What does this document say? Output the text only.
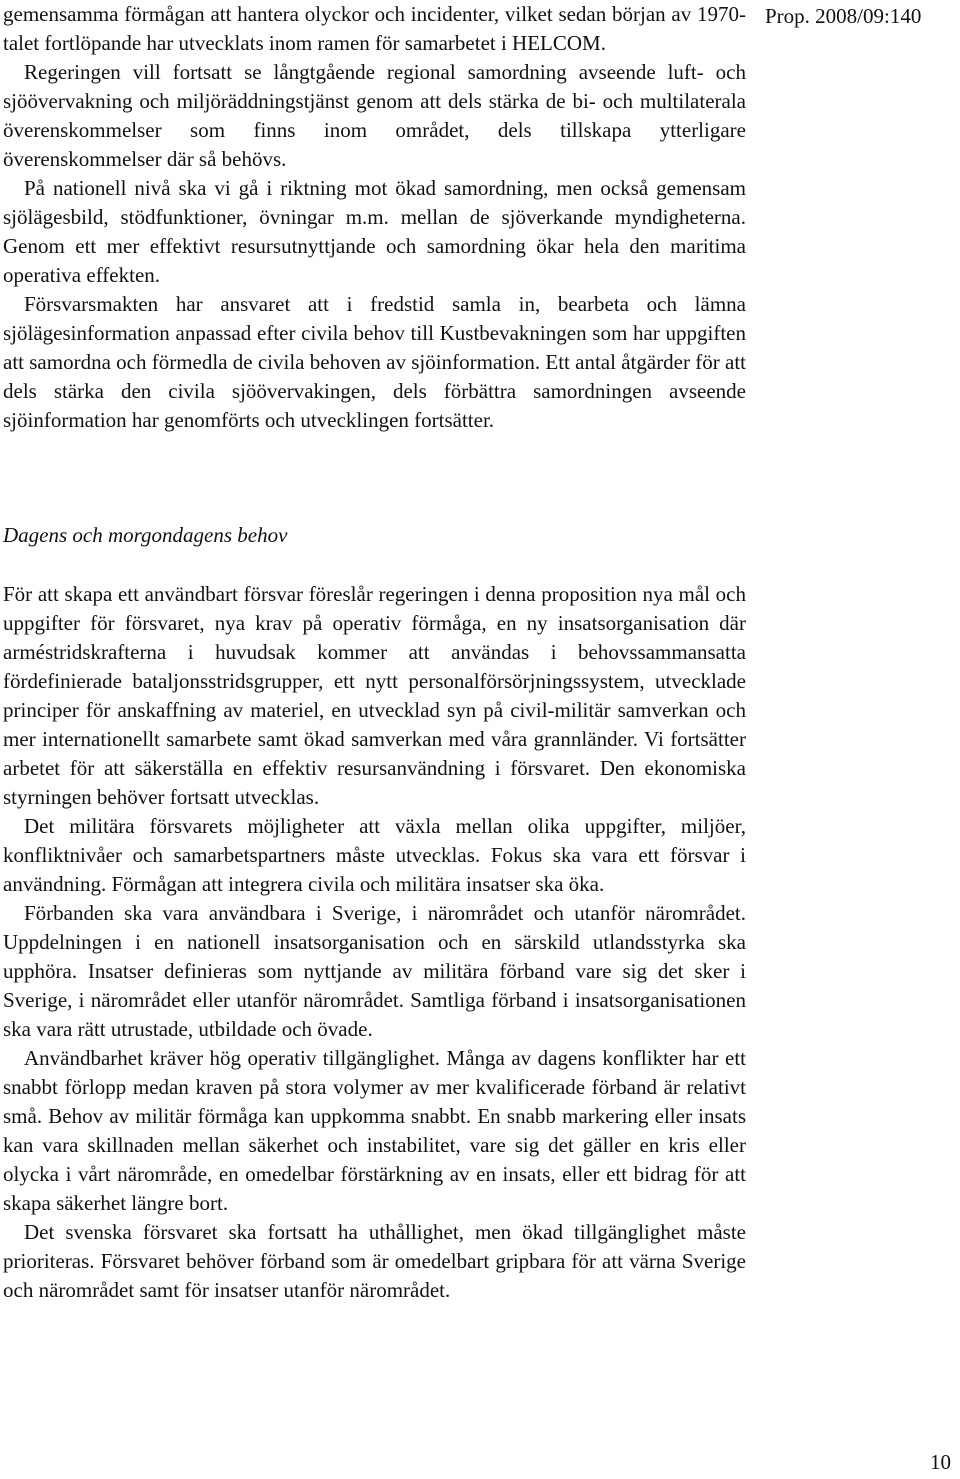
Prop. 2008/09:140

gemensamma förmågan att hantera olyckor och incidenter, vilket sedan början av 1970-talet fortlöpande har utvecklats inom ramen för samarbetet i HELCOM.

Regeringen vill fortsatt se långtgående regional samordning avseende luft- och sjöövervakning och miljöräddningstjänst genom att dels stärka de bi- och multilaterala överenskommelser som finns inom området, dels tillskapa ytterligare överenskommelser där så behövs.

På nationell nivå ska vi gå i riktning mot ökad samordning, men också gemensam sjölägesbild, stödfunktioner, övningar m.m. mellan de sjöverkande myndigheterna. Genom ett mer effektivt resursutnyttjande och samordning ökar hela den maritima operativa effekten.

Försvarsmakten har ansvaret att i fredstid samla in, bearbeta och lämna sjölägesinformation anpassad efter civila behov till Kustbevakningen som har uppgiften att samordna och förmedla de civila behoven av sjöinformation. Ett antal åtgärder för att dels stärka den civila sjöövervakingen, dels förbättra samordningen avseende sjöinformation har genomförts och utvecklingen fortsätter.

Dagens och morgondagens behov

För att skapa ett användbart försvar föreslår regeringen i denna proposition nya mål och uppgifter för försvaret, nya krav på operativ förmåga, en ny insatsorganisation där arméstridskrafterna i huvudsak kommer att användas i behovssammansatta fördefinierade bataljonsstridsgrupper, ett nytt personalförsörjningssystem, utvecklade principer för anskaffning av materiel, en utvecklad syn på civil-militär samverkan och mer internationellt samarbete samt ökad samverkan med våra grannländer. Vi fortsätter arbetet för att säkerställa en effektiv resursanvändning i försvaret. Den ekonomiska styrningen behöver fortsatt utvecklas.

Det militära försvarets möjligheter att växla mellan olika uppgifter, miljöer, konfliktnivåer och samarbetspartners måste utvecklas. Fokus ska vara ett försvar i användning. Förmågan att integrera civila och militära insatser ska öka.

Förbanden ska vara användbara i Sverige, i närområdet och utanför närområdet. Uppdelningen i en nationell insatsorganisation och en särskild utlandsstyrka ska upphöra. Insatser definieras som nyttjande av militära förband vare sig det sker i Sverige, i närområdet eller utanför närområdet. Samtliga förband i insatsorganisationen ska vara rätt utrustade, utbildade och övade.

Användbarhet kräver hög operativ tillgänglighet. Många av dagens konflikter har ett snabbt förlopp medan kraven på stora volymer av mer kvalificerade förband är relativt små. Behov av militär förmåga kan uppkomma snabbt. En snabb markering eller insats kan vara skillnaden mellan säkerhet och instabilitet, vare sig det gäller en kris eller olycka i vårt närområde, en omedelbar förstärkning av en insats, eller ett bidrag för att skapa säkerhet längre bort.

Det svenska försvaret ska fortsatt ha uthållighet, men ökad tillgänglighet måste prioriteras. Försvaret behöver förband som är omedelbart gripbara för att värna Sverige och närområdet samt för insatser utanför närområdet.

10
